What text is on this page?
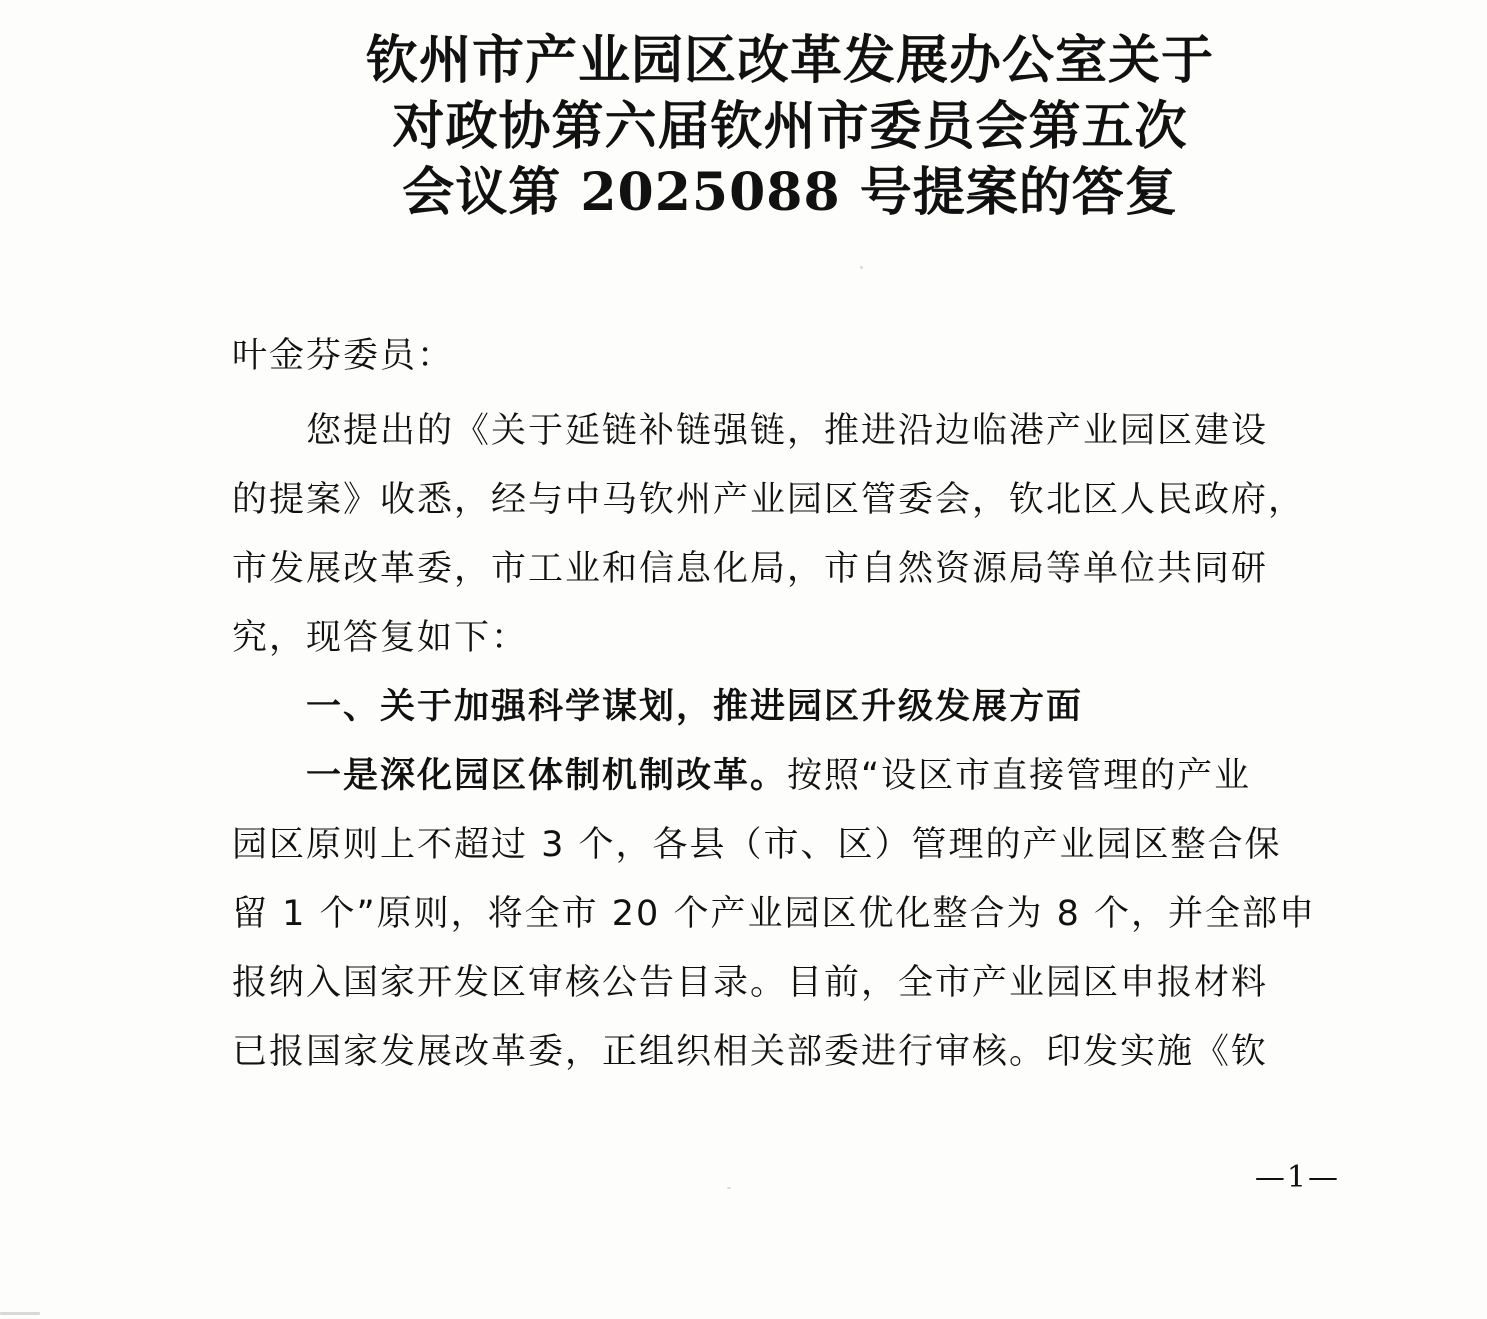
钦州市产业园区改革发展办公室关于
对政协第六届钦州市委员会第五次
会议第 2025088 号提案的答复
叶金芬委员：
您提出的《关于延链补链强链，推进沿边临港产业园区建设
的提案》收悉，经与中马钦州产业园区管委会，钦北区人民政府，
市发展改革委，市工业和信息化局，市自然资源局等单位共同研
究，现答复如下：
一、关于加强科学谋划，推进园区升级发展方面
一是深化园区体制机制改革。 按照“设区市直接管理的产业
园区原则上不超过 3 个，各县（市、区）管理的产业园区整合保
留 1 个”原则，将全市 20 个产业园区优化整合为 8 个，并全部申
报纳入国家开发区审核公告目录。目前，全市产业园区申报材料
已报国家发展改革委，正组织相关部委进行审核。印发实施《钦
—1—
